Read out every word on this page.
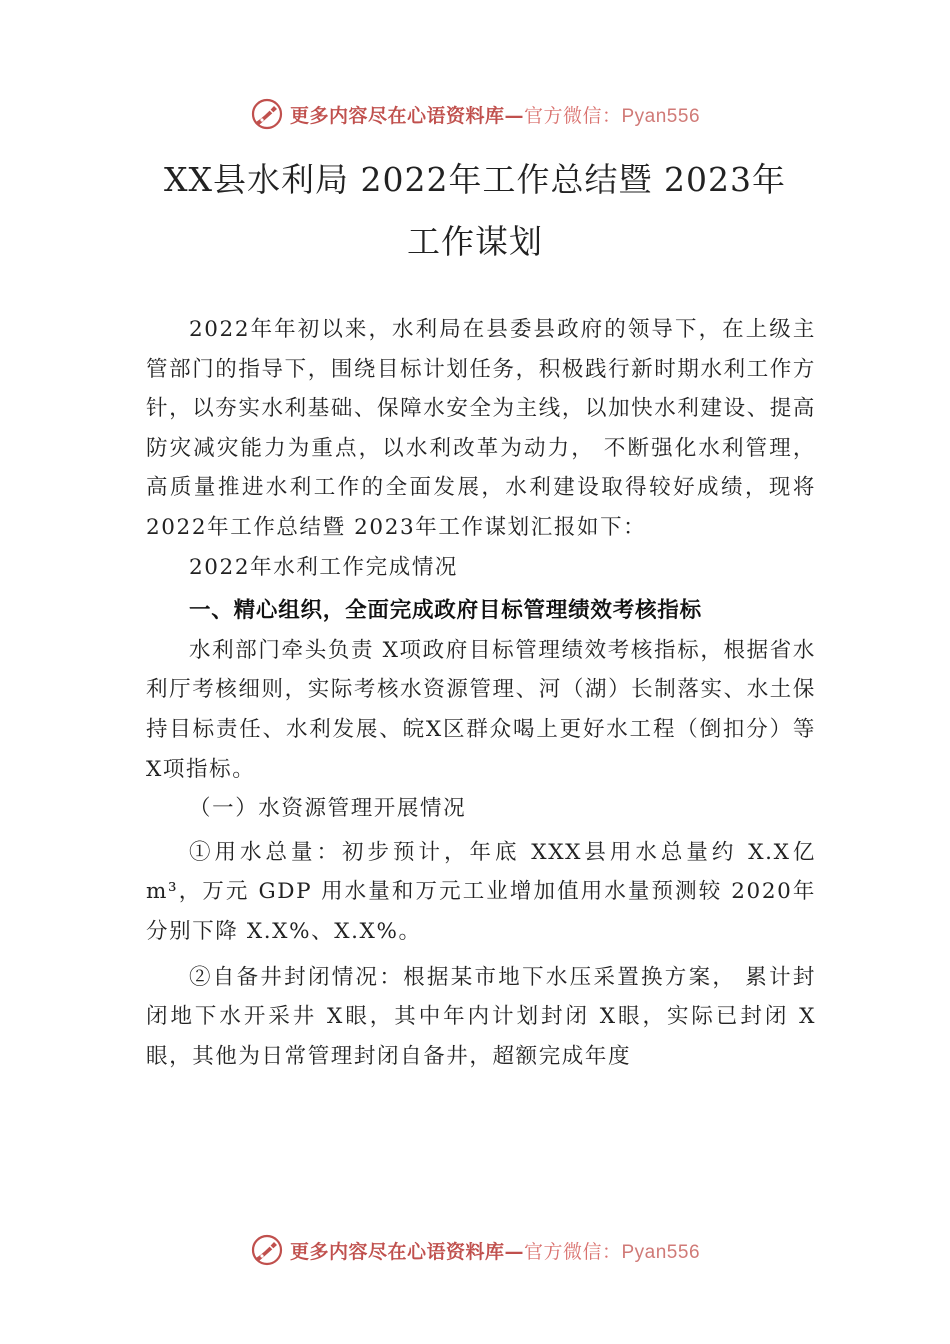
更多内容尽在心语资料库—官方微信：Pyan556
XX县水利局 2022年工作总结暨 2023年
工作谋划

2022年年初以来，水利局在县委县政府的领导下，在上级主管部门的指导下，围绕目标计划任务，积极践行新时期水利工作方针，以夯实水利基础、保障水安全为主线，以加快水利建设、提高防灾减灾能力为重点，以水利改革为动力， 不断强化水利管理，高质量推进水利工作的全面发展，水利建设取得较好成绩，现将 2022年工作总结暨 2023年工作谋划汇报如下：

2022年水利工作完成情况

一、精心组织，全面完成政府目标管理绩效考核指标

水利部门牵头负责 X项政府目标管理绩效考核指标，根据省水利厅考核细则，实际考核水资源管理、河（湖）长制落实、水土保持目标责任、水利发展、皖X区群众喝上更好水工程（倒扣分）等 X项指标。

（一）水资源管理开展情况

①用水总量：初步预计，年底 XXX县用水总量约 X.X亿 m³，万元 GDP 用水量和万元工业增加值用水量预测较 2020年分别下降 X.X%、X.X%。

②自备井封闭情况：根据某市地下水压采置换方案， 累计封闭地下水开采井 X眼，其中年内计划封闭 X眼，实际已封闭 X眼，其他为日常管理封闭自备井，超额完成年度

更多内容尽在心语资料库—官方微信：Pyan556
